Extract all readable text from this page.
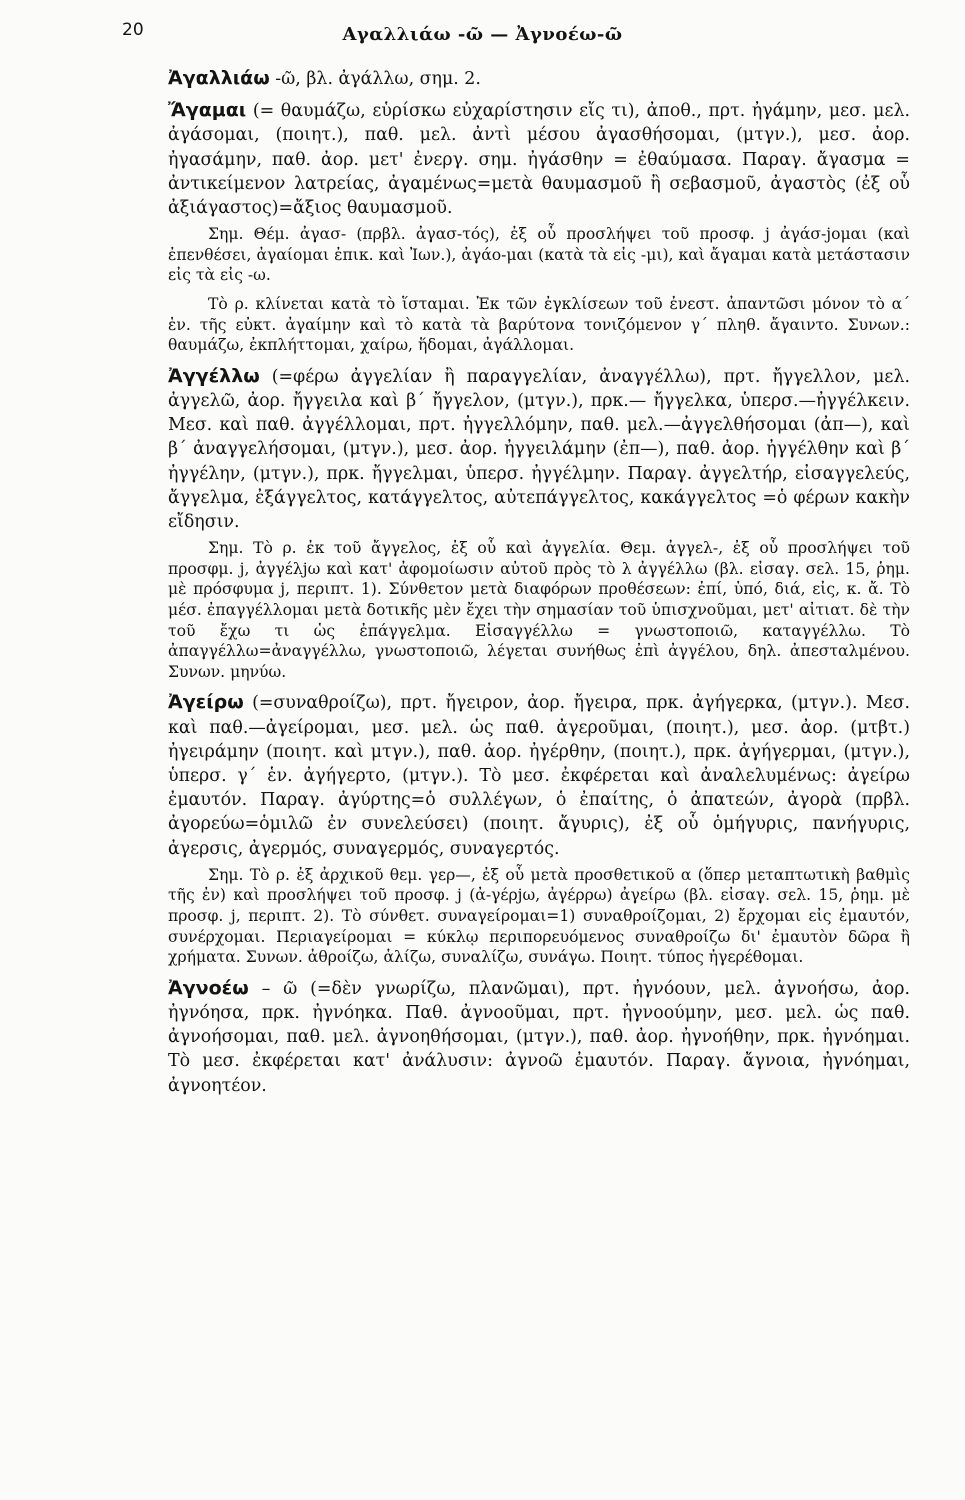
20	Αγαλλιάω -ῶ — Ἀγνοέω-ῶ

Ἀγαλλιάω -ῶ, βλ. ἀγάλλω, σημ. 2.

Ἄγαμαι (= θαυμάζω, εὑρίσκω εὐχαρίστησιν εἴς τι), ἀποθ., πρτ. ἠγάμην, μεσ. μελ. ἀγάσομαι, (ποιητ.), παθ. μελ. ἀντὶ μέσου ἀγασθήσομαι, (μτγν.), μεσ. ἀορ. ἠγασάμην, παθ. ἀορ. μετ' ἐνεργ. σημ. ἠγάσθην = ἐθαύμασα. Παραγ. ἄγασμα = ἀντικείμενον λατρείας, ἀγαμένως=μετὰ θαυμασμοῦ ἢ σεβασμοῦ, ἀγαστὸς (ἐξ οὗ ἀξιάγαστος)=ἄξιος θαυμασμοῦ.

Σημ. Θέμ. ἀγασ- (πρβλ. ἀγασ-τός), ἐξ οὗ προσλήψει τοῦ προσφ. j ἀγάσ-jομαι (καὶ ἐπενθέσει, ἀγαίομαι ἐπικ. καὶ Ἰων.), ἀγάο-μαι (κατὰ τὰ εἰς -μι), καὶ ἄγαμαι κατὰ μετάστασιν εἰς τὰ εἰς -ω.

Τὸ ρ. κλίνεται κατὰ τὸ ἵσταμαι. Ἐκ τῶν ἐγκλίσεων τοῦ ἐνεστ. ἀπαντῶσι μόνον τὸ α΄ ἑν. τῆς εὐκτ. ἀγαίμην καὶ τὸ κατὰ τὰ βαρύτονα τονιζόμενον γ΄ πληθ. ἄγαιντο. Συνων.: θαυμάζω, ἐκπλήττομαι, χαίρω, ἥδομαι, ἀγάλλομαι.

Ἀγγέλλω (=φέρω ἀγγελίαν ἢ παραγγελίαν, ἀναγγέλλω), πρτ. ἤγγελλον, μελ. ἀγγελῶ, ἀορ. ἤγγειλα καὶ β΄ ἤγγελον, (μτγν.), πρκ.— ἤγγελκα, ὑπερσ.—ἠγγέλκειν. Μεσ. καὶ παθ. ἀγγέλλομαι, πρτ. ἠγγελλόμην, παθ. μελ.—ἀγγελθήσομαι (ἀπ—), καὶ β΄ ἀναγγελήσομαι, (μτγν.), μεσ. ἀορ. ἠγγειλάμην (ἐπ—), παθ. ἀορ. ἠγγέλθην καὶ β΄ ἠγγέλην, (μτγν.), πρκ. ἤγγελμαι, ὑπερσ. ἠγγέλμην. Παραγ. ἀγγελτήρ, εἰσαγγελεύς, ἄγγελμα, ἐξάγγελτος, κατάγγελτος, αὐτεπάγγελτος, κακάγγελτος =ὁ φέρων κακὴν εἴδησιν.

Σημ. Τὸ ρ. ἐκ τοῦ ἄγγελος, ἐξ οὗ καὶ ἀγγελία. Θεμ. ἀγγελ-, ἐξ οὗ προσλήψει τοῦ προσφμ. j, ἀγγέλjω καὶ κατ' ἀφομοίωσιν αὐτοῦ πρὸς τὸ λ ἀγγέλλω (βλ. εἰσαγ. σελ. 15, ῥημ. μὲ πρόσφυμα j, περιπτ. 1). Σύνθετον μετὰ διαφόρων προθέσεων: ἐπί, ὑπό, διά, εἰς, κ. ἄ. Τὸ μέσ. ἐπαγγέλλομαι μετὰ δοτικῆς μὲν ἔχει τὴν σημασίαν τοῦ ὑπισχνοῦμαι, μετ' αἰτιατ. δὲ τὴν τοῦ ἔχω τι ὡς ἐπάγγελμα. Εἰσαγγέλλω = γνωστοποιῶ, καταγγέλλω. Τὸ ἀπαγγέλλω=ἀναγγέλλω, γνωστοποιῶ, λέγεται συνήθως ἐπὶ ἀγγέλου, δηλ. ἀπεσταλμένου. Συνων. μηνύω.

Ἀγείρω (=συναθροίζω), πρτ. ἤγειρον, ἀορ. ἤγειρα, πρκ. ἀγήγερκα, (μτγν.). Μεσ. καὶ παθ.—ἀγείρομαι, μεσ. μελ. ὡς παθ. ἀγεροῦμαι, (ποιητ.), μεσ. ἀορ. (μτβτ.) ἠγειράμην (ποιητ. καὶ μτγν.), παθ. ἀορ. ἠγέρθην, (ποιητ.), πρκ. ἀγήγερμαι, (μτγν.), ὑπερσ. γ΄ ἑν. ἀγήγερτο, (μτγν.). Τὸ μεσ. ἐκφέρεται καὶ ἀναλελυμένως: ἀγείρω ἐμαυτόν. Παραγ. ἀγύρτης=ὁ συλλέγων, ὁ ἐπαίτης, ὁ ἀπατεών, ἀγορὰ (πρβλ. ἀγορεύω=ὁμιλῶ ἐν συνελεύσει) (ποιητ. ἄγυρις), ἐξ οὗ ὁμήγυρις, πανήγυρις, ἀγερσις, ἀγερμός, συναγερμός, συναγερτός.

Σημ. Τὸ ρ. ἐξ ἀρχικοῦ θεμ. γερ—, ἐξ οὗ μετὰ προσθετικοῦ α (ὅπερ μεταπτωτικὴ βαθμὶς τῆς ἐν) καὶ προσλήψει τοῦ προσφ. j (ἀ-γέρjω, ἀγέρρω) ἀγείρω (βλ. εἰσαγ. σελ. 15, ῥημ. μὲ προσφ. j, περιπτ. 2). Τὸ σύνθετ. συναγείρομαι=1) συναθροίζομαι, 2) ἔρχομαι εἰς ἐμαυτόν, συνέρχομαι. Περιαγείρομαι = κύκλῳ περιπορευόμενος συναθροίζω δι' ἐμαυτὸν δῶρα ἢ χρήματα. Συνων. ἀθροίζω, ἁλίζω, συναλίζω, συνάγω. Ποιητ. τύπος ἠγερέθομαι.

Ἀγνοέω – ῶ (=δὲν γνωρίζω, πλανῶμαι), πρτ. ἠγνόουν, μελ. ἀγνοήσω, ἀορ. ἠγνόησα, πρκ. ἠγνόηκα. Παθ. ἀγνοοῦμαι, πρτ. ἠγνοούμην, μεσ. μελ. ὡς παθ. ἀγνοήσομαι, παθ. μελ. ἀγνοηθήσομαι, (μτγν.), παθ. ἀορ. ἠγνοήθην, πρκ. ἠγνόημαι. Τὸ μεσ. ἐκφέρεται κατ' ἀνάλυσιν: ἀγνοῶ ἐμαυτόν. Παραγ. ἄγνοια, ἠγνόημαι, ἀγνοητέον.
